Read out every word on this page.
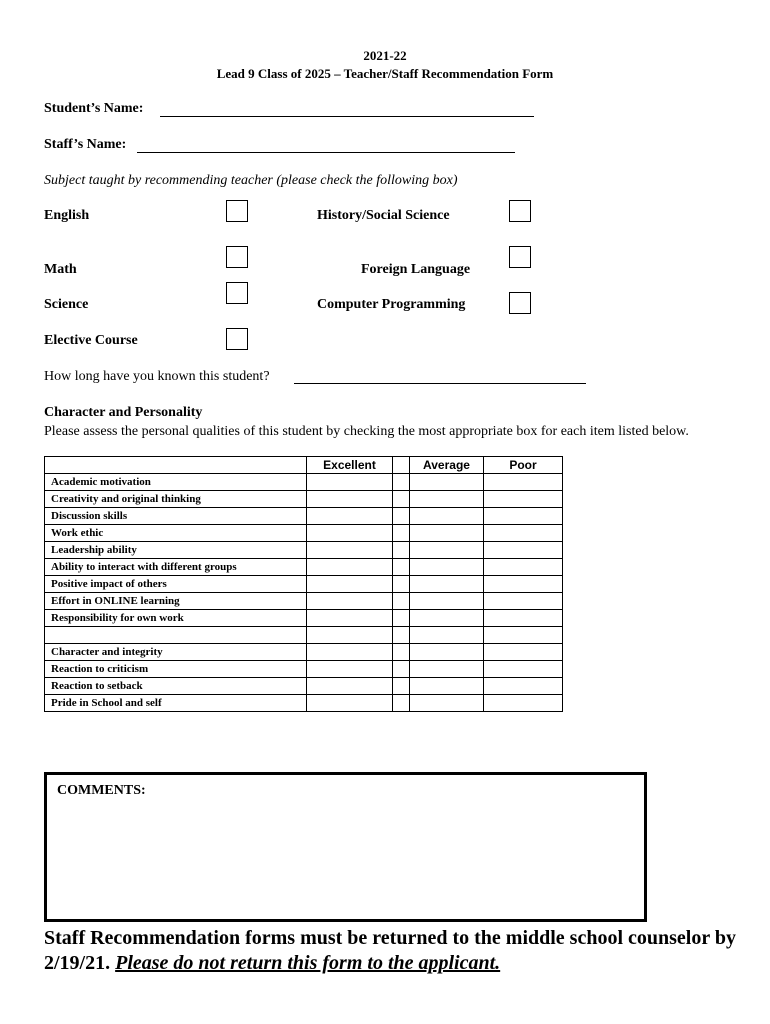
2021-22
Lead 9 Class of 2025 – Teacher/Staff Recommendation Form
Student’s Name:
Staff’s Name:
Subject taught by recommending teacher (please check the following box)
English	History/Social Science
Math	Foreign Language
Science	Computer Programming
Elective Course
How long have you known this student?
Character and Personality
Please assess the personal qualities of this student by checking the most appropriate box for each item listed below.
	Excellent		Average	Poor
Academic motivation				
Creativity and original thinking				
Discussion skills				
Work ethic				
Leadership ability				
Ability to interact with different groups				
Positive impact of others				
Effort in ONLINE learning				
Responsibility for own work				

Character and integrity				
Reaction to criticism				
Reaction to setback				
Pride in School and self				
COMMENTS:
Staff Recommendation forms must be returned to the middle school counselor by 2/19/21. Please do not return this form to the applicant.
